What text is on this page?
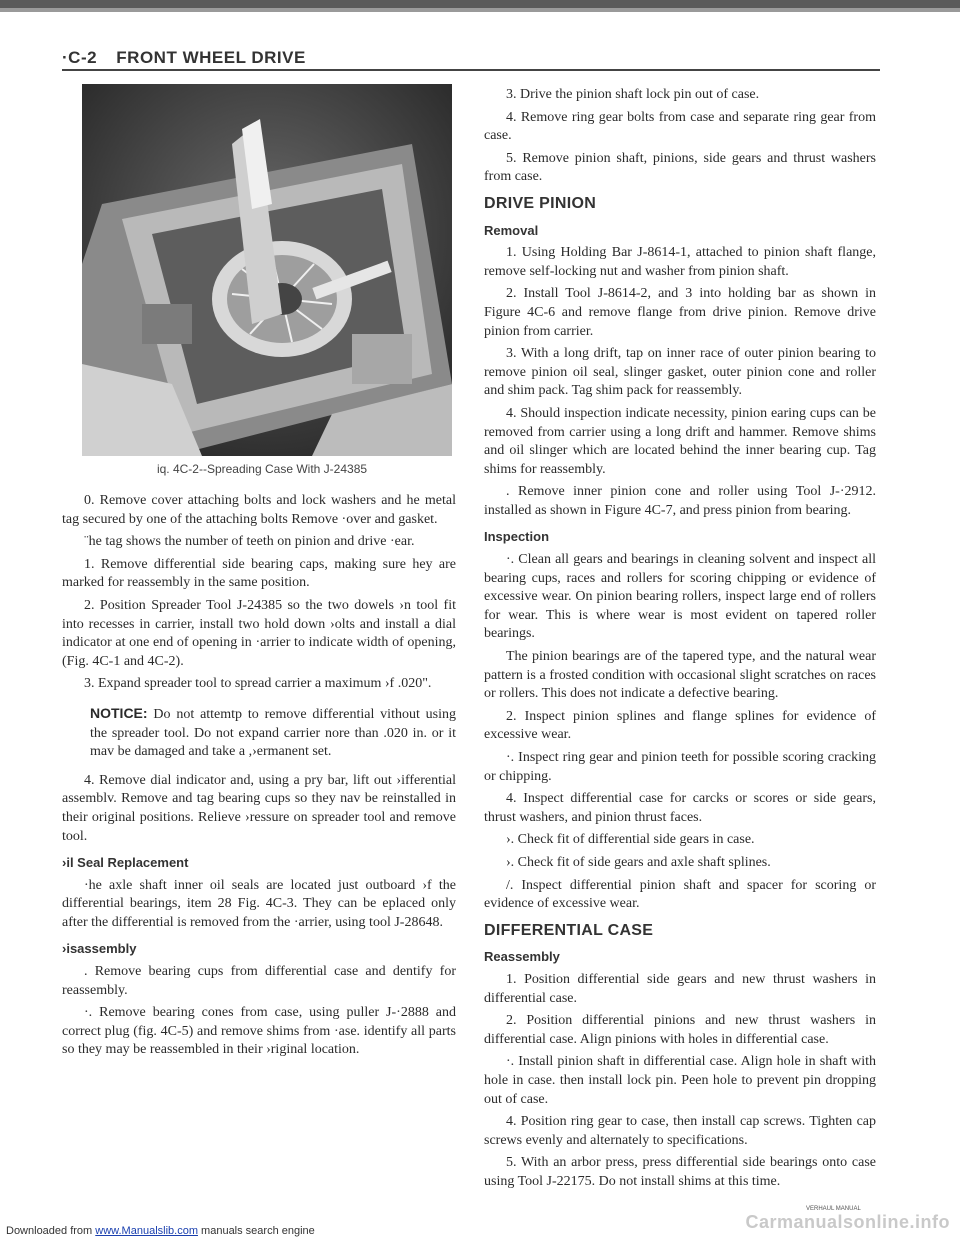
·C-2 FRONT WHEEL DRIVE
iq. 4C-2--Spreading Case With J-24385

0. Remove cover attaching bolts and lock washers and he metal tag secured by one of the attaching bolts Remove ·over and gasket.

¨he tag shows the number of teeth on pinion and drive ·ear.

1. Remove differential side bearing caps, making sure hey are marked for reassembly in the same position.

2. Position Spreader Tool J-24385 so the two dowels ›n tool fit into recesses in carrier, install two hold down ›olts and install a dial indicator at one end of opening in ·arrier to indicate width of opening, (Fig. 4C-1 and 4C-2).

3. Expand spreader tool to spread carrier a maximum ›f .020".

NOTICE: Do not attemtp to remove differential vithout using the spreader tool. Do not expand carrier nore than .020 in. or it mav be damaged and take a ,›ermanent set.

4. Remove dial indicator and, using a pry bar, lift out ›ifferential assemblv. Remove and tag bearing cups so they nav be reinstalled in their original positions. Relieve ›ressure on spreader tool and remove tool.

›il Seal Replacement

·he axle shaft inner oil seals are located just outboard ›f the differential bearings, item 28 Fig. 4C-3. They can be eplaced only after the differential is removed from the ·arrier, using tool J-28648.

›isassembly

. Remove bearing cups from differential case and dentify for reassembly.

·. Remove bearing cones from case, using puller J-·2888 and correct plug (fig. 4C-5) and remove shims from ·ase. identify all parts so they may be reassembled in their ›riginal location.

3. Drive the pinion shaft lock pin out of case.

4. Remove ring gear bolts from case and separate ring gear from case.

5. Remove pinion shaft, pinions, side gears and thrust washers from case.

DRIVE PINION
Removal

1. Using Holding Bar J-8614-1, attached to pinion shaft flange, remove self-locking nut and washer from pinion shaft.

2. Install Tool J-8614-2, and 3 into holding bar as shown in Figure 4C-6 and remove flange from drive pinion. Remove drive pinion from carrier.

3. With a long drift, tap on inner race of outer pinion bearing to remove pinion oil seal, slinger gasket, outer pinion cone and roller and shim pack. Tag shim pack for reassembly.

4. Should inspection indicate necessity, pinion earing cups can be removed from carrier using a long drift and hammer. Remove shims and oil slinger which are located behind the inner bearing cup. Tag shims for reassembly.

. Remove inner pinion cone and roller using Tool J-·2912. installed as shown in Figure 4C-7, and press pinion from bearing.

Inspection

·. Clean all gears and bearings in cleaning solvent and inspect all bearing cups, races and rollers for scoring chipping or evidence of excessive wear. On pinion bearing rollers, inspect large end of rollers for wear. This is where wear is most evident on tapered roller bearings.

The pinion bearings are of the tapered type, and the natural wear pattern is a frosted condition with occasional slight scratches on races or rollers. This does not indicate a defective bearing.

2. Inspect pinion splines and flange splines for evidence of excessive wear.

·. Inspect ring gear and pinion teeth for possible scoring cracking or chipping.

4. Inspect differential case for carcks or scores or side gears, thrust washers, and pinion thrust faces.

›. Check fit of differential side gears in case.

›. Check fit of side gears and axle shaft splines.

/. Inspect differential pinion shaft and spacer for scoring or evidence of excessive wear.

DIFFERENTIAL CASE
Reassembly

1. Position differential side gears and new thrust washers in differential case.

2. Position differential pinions and new thrust washers in differential case. Align pinions with holes in differential case.

·. Install pinion shaft in differential case. Align hole in shaft with hole in case. then install lock pin. Peen hole to prevent pin dropping out of case.

4. Position ring gear to case, then install cap screws. Tighten cap screws evenly and alternately to specifications.

5. With an arbor press, press differential side bearings onto case using Tool J-22175. Do not install shims at this time.

VERHAUL MANUAL
Downloaded from www.Manualslib.com manuals search engine	Carmanualsonline.info
